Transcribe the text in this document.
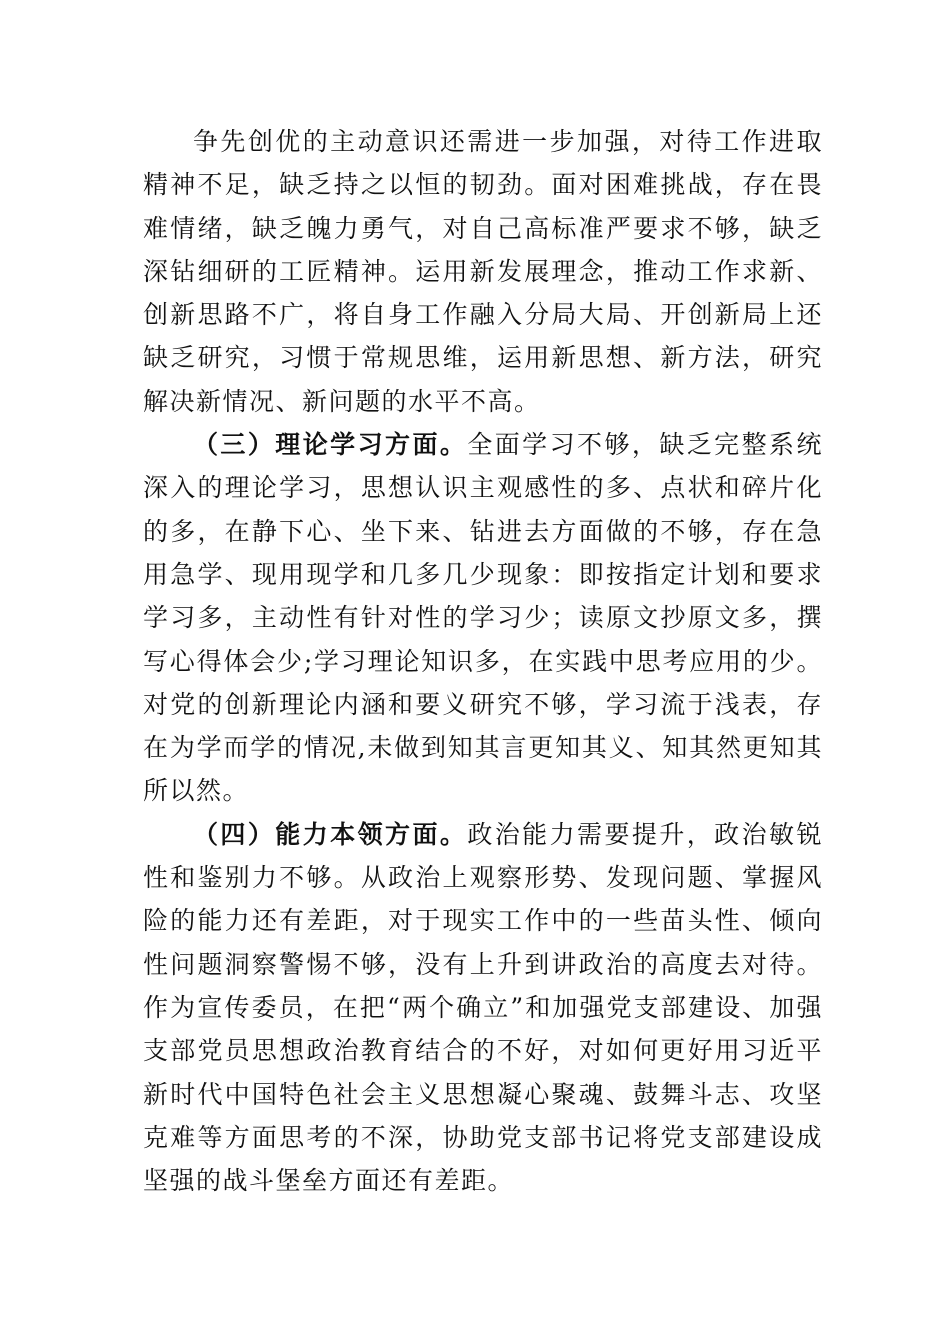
争先创优的主动意识还需进一步加强，对待工作进取精神不足，缺乏持之以恒的韧劲。面对困难挑战，存在畏难情绪，缺乏魄力勇气，对自己高标准严要求不够，缺乏深钻细研的工匠精神。运用新发展理念，推动工作求新、创新思路不广，将自身工作融入分局大局、开创新局上还缺乏研究，习惯于常规思维，运用新思想、新方法，研究解决新情况、新问题的水平不高。

（三）理论学习方面。全面学习不够，缺乏完整系统深入的理论学习，思想认识主观感性的多、点状和碎片化的多，在静下心、坐下来、钻进去方面做的不够，存在急用急学、现用现学和几多几少现象：即按指定计划和要求学习多，主动性有针对性的学习少；读原文抄原文多，撰写心得体会少;学习理论知识多，在实践中思考应用的少。对党的创新理论内涵和要义研究不够，学习流于浅表，存在为学而学的情况,未做到知其言更知其义、知其然更知其所以然。

（四）能力本领方面。政治能力需要提升，政治敏锐性和鉴别力不够。从政治上观察形势、发现问题、掌握风险的能力还有差距，对于现实工作中的一些苗头性、倾向性问题洞察警惕不够，没有上升到讲政治的高度去对待。作为宣传委员，在把“两个确立”和加强党支部建设、加强支部党员思想政治教育结合的不好，对如何更好用习近平新时代中国特色社会主义思想凝心聚魂、鼓舞斗志、攻坚克难等方面思考的不深，协助党支部书记将党支部建设成坚强的战斗堡垒方面还有差距。
